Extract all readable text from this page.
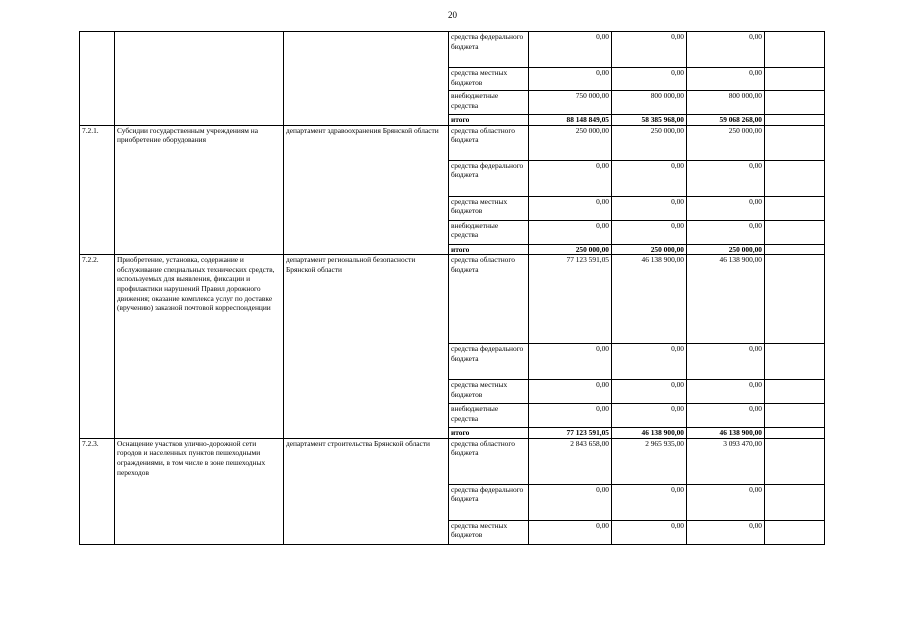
20
			средства федерального бюджета	0,00	0,00	0,00	
			средства местных бюджетов	0,00	0,00	0,00	
			внебюджетные средства	750 000,00	800 000,00	800 000,00	
			итого	88 148 849,05	58 385 968,00	59 068 268,00	
7.2.1.	Субсидии государственным учреждениям на приобретение оборудования	департамент здравоохранения Брянской области	средства областного бюджета	250 000,00	250 000,00	250 000,00	
			средства федерального бюджета	0,00	0,00	0,00	
			средства местных бюджетов	0,00	0,00	0,00	
			внебюджетные средства	0,00	0,00	0,00	
			итого	250 000,00	250 000,00	250 000,00	
7.2.2.	Приобретение, установка, содержание и обслуживание специальных технических средств, используемых для выявления, фиксации и профилактики нарушений Правил дорожного движения; оказание комплекса услуг по доставке (вручению) заказной почтовой корреспонденции	департамент региональной безопасности Брянской области	средства областного бюджета	77 123 591,05	46 138 900,00	46 138 900,00	
			средства федерального бюджета	0,00	0,00	0,00	
			средства местных бюджетов	0,00	0,00	0,00	
			внебюджетные средства	0,00	0,00	0,00	
			итого	77 123 591,05	46 138 900,00	46 138 900,00	
7.2.3.	Оснащение участков улично-дорожной сети городов и населенных пунктов пешеходными ограждениями, в том числе в зоне пешеходных переходов	департамент строительства Брянской области	средства областного бюджета	2 843 658,00	2 965 935,00	3 093 470,00	
			средства федерального бюджета	0,00	0,00	0,00	
			средства местных бюджетов	0,00	0,00	0,00	
